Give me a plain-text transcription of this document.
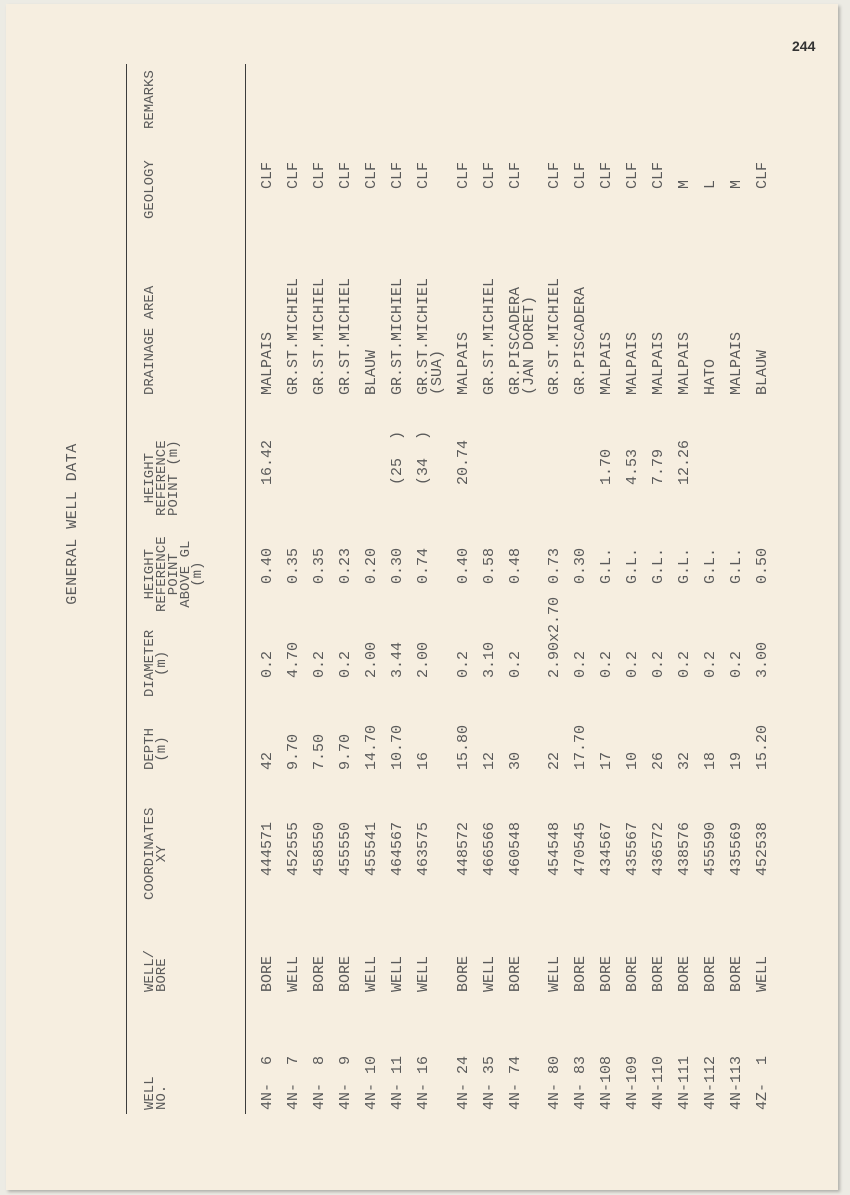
244
GENERAL WELL DATA
WELL
NO.
WELL/
BORE
COORDINATES
XY
DEPTH
(m)
DIAMETER
(m)
HEIGHT
REFERENCE
POINT
ABOVE GL
(m)
HEIGHT
REFERENCE
POINT (m)
DRAINAGE AREA
GEOLOGY
REMARKS
4N-  6
BORE
444571
42
0.2
0.40
16.42
MALPAIS
CLF
4N-  7
WELL
452555
9.70
4.70
0.35
GR.ST.MICHIEL
CLF
4N-  8
BORE
458550
7.50
0.2
0.35
GR.ST.MICHIEL
CLF
4N-  9
BORE
455550
9.70
0.2
0.23
GR.ST.MICHIEL
CLF
4N- 10
WELL
455541
14.70
2.00
0.20
BLAUW
CLF
4N- 11
WELL
464567
10.70
3.44
0.30
(25  )
GR.ST.MICHIEL
CLF
4N- 16
WELL
463575
16
2.00
0.74
(34  )
GR.ST.MICHIEL
(SUA)
CLF
4N- 24
BORE
448572
15.80
0.2
0.40
20.74
MALPAIS
CLF
4N- 35
WELL
466566
12
3.10
0.58
GR.ST.MICHIEL
CLF
4N- 74
BORE
460548
30
0.2
0.48
GR.PISCADERA
(JAN DORET)
CLF
4N- 80
WELL
454548
22
2.90x2.70
0.73
GR.ST.MICHIEL
CLF
4N- 83
BORE
470545
17.70
0.2
0.30
GR.PISCADERA
CLF
4N-108
BORE
434567
17
0.2
G.L.
1.70
MALPAIS
CLF
4N-109
BORE
435567
10
0.2
G.L.
4.53
MALPAIS
CLF
4N-110
BORE
436572
26
0.2
G.L.
7.79
MALPAIS
CLF
4N-111
BORE
438576
32
0.2
G.L.
12.26
MALPAIS
M
4N-112
BORE
455590
18
0.2
G.L.
HATO
L
4N-113
BORE
435569
19
0.2
G.L.
MALPAIS
M
4Z-  1
WELL
452538
15.20
3.00
0.50
BLAUW
CLF
